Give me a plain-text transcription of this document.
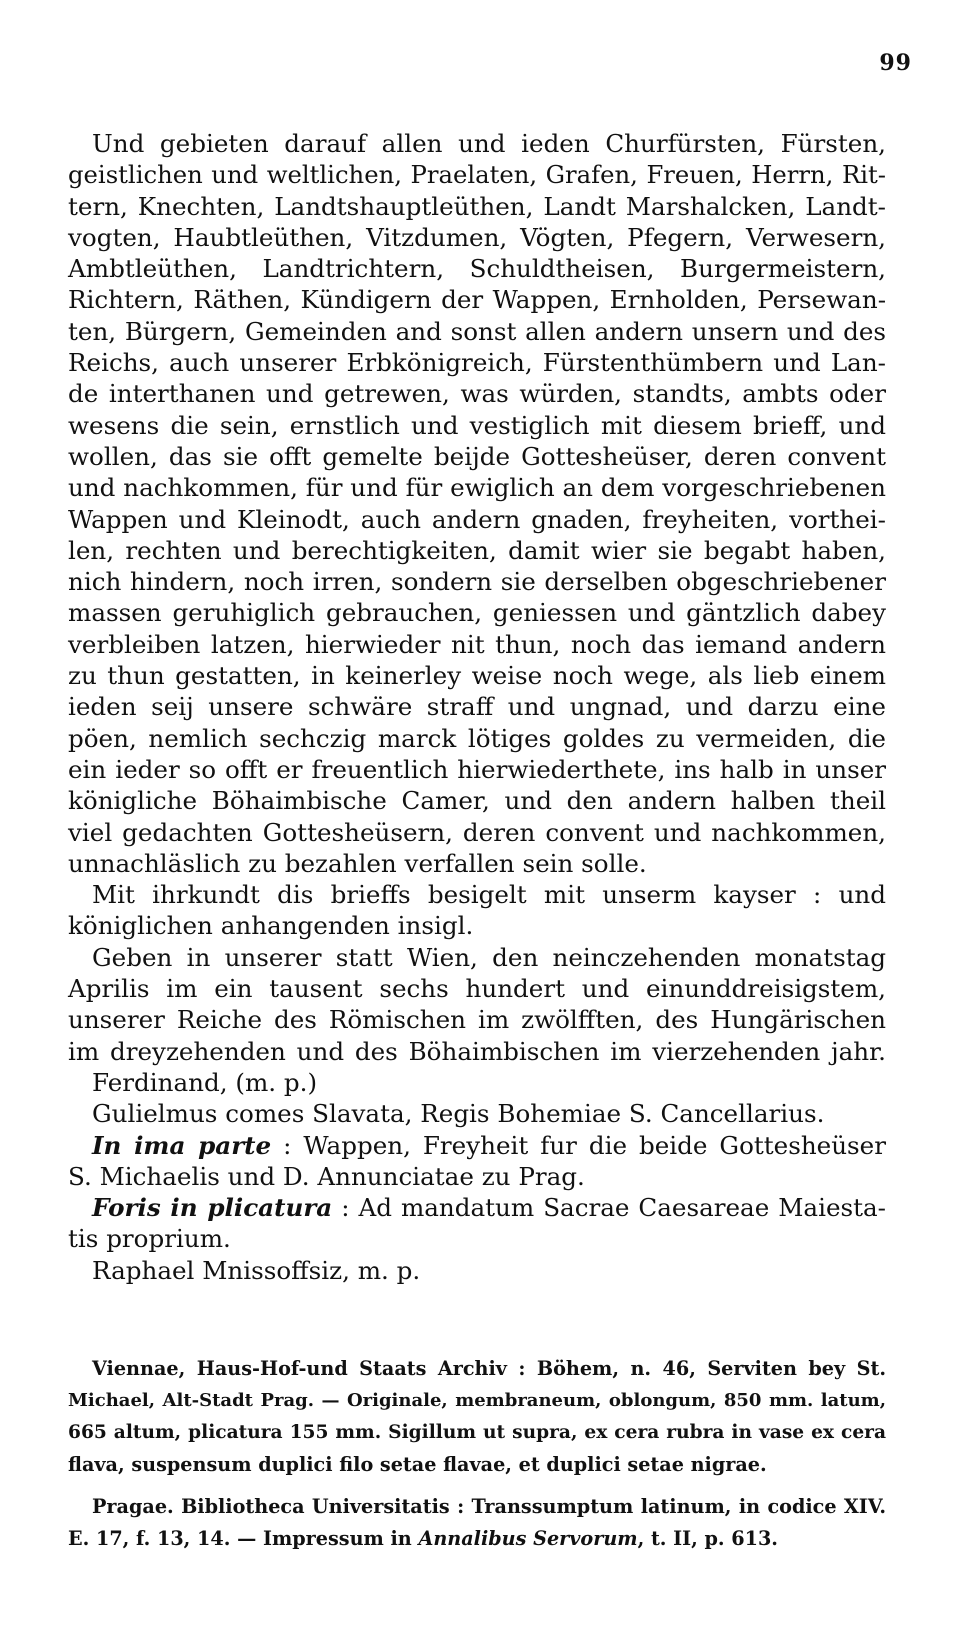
99
Und gebieten darauf allen und ieden Churfürsten, Fürsten,
geistlichen und weltlichen, Praelaten, Grafen, Freuen, Herrn, Rit-
tern, Knechten, Landtshauptleüthen, Landt Marshalcken, Landt-
vogten, Haubtleüthen, Vitzdumen, Vögten, Pfegern, Verwesern,
Ambtleüthen, Landtrichtern, Schuldtheisen, Burgermeistern,
Richtern, Räthen, Kündigern der Wappen, Ernholden, Persewan-
ten, Bürgern, Gemeinden and sonst allen andern unsern und des
Reichs, auch unserer Erbkönigreich, Fürstenthümbern und Lan-
de interthanen und getrewen, was würden, standts, ambts oder
wesens die sein, ernstlich und vestiglich mit diesem brieff, und
wollen, das sie offt gemelte beijde Gotteshеüser, deren convent
und nachkommen, für und für ewiglich an dem vorgeschriebenen
Wappen und Kleinodt, auch andern gnaden, freyheiten, vorthei-
len, rechten und berechtigkeiten, damit wier sie begabt haben,
nich hindern, noch irren, sondern sie derselben obgeschriebener
massen geruhiglich gebrauchen, geniessen und gäntzlich dabey
verbleiben latzen, hierwieder nit thun, noch das iemand andern
zu thun gestatten, in keinerley weise noch wege, als lieb einem
ieden seij unsere schwäre straff und ungnad, und darzu eine
pöen, nemlich sechczig marck lötiges goldes zu vermeiden, die
ein ieder so offt er freuentlich hierwiederthete, ins halb in unser
königliche Böhaimbische Camer, und den andern halben theil
viel gedachten Gotteshеüsern, deren convent und nachkommen,
unnachläslich zu bezahlen verfallen sein solle.
Mit ihrkundt dis brieffs besigelt mit unserm kayser : und
königlichen anhangenden insigl.
Geben in unserer statt Wien, den neinczehenden monatstag
Aprilis im ein tausent sechs hundert und einunddreisigstem,
unserer Reiche des Römischen im zwölfften, des Hungärischen
im dreyzehenden und des Böhaimbischen im vierzehenden jahr.
Ferdinand, (m. p.)
Gulielmus comes Slavata, Regis Bohemiae S. Cancellarius.
In ima parte : Wappen, Freyheit fur die beide Gotteshеüser
S. Michaelis und D. Annunciatae zu Prag.
Foris in plicatura : Ad mandatum Sacrae Caesareae Maiesta-
tis proprium.
Raphael Mnissoffsiz, m. p.
Viennae, Haus-Hof-und Staats Archiv : Böhem, n. 46, Serviten bey St.
Michael, Alt-Stadt Prag. — Originale, membraneum, oblongum, 850 mm. latum,
665 altum, plicatura 155 mm. Sigillum ut supra, ex cera rubra in vase ex cera
flava, suspensum duplici filo setae flavae, et duplici setae nigrae.
Pragae. Bibliotheca Universitatis : Transsumptum latinum, in codice XIV.
E. 17, f. 13, 14. — Impressum in Annalibus Servorum, t. II, p. 613.
